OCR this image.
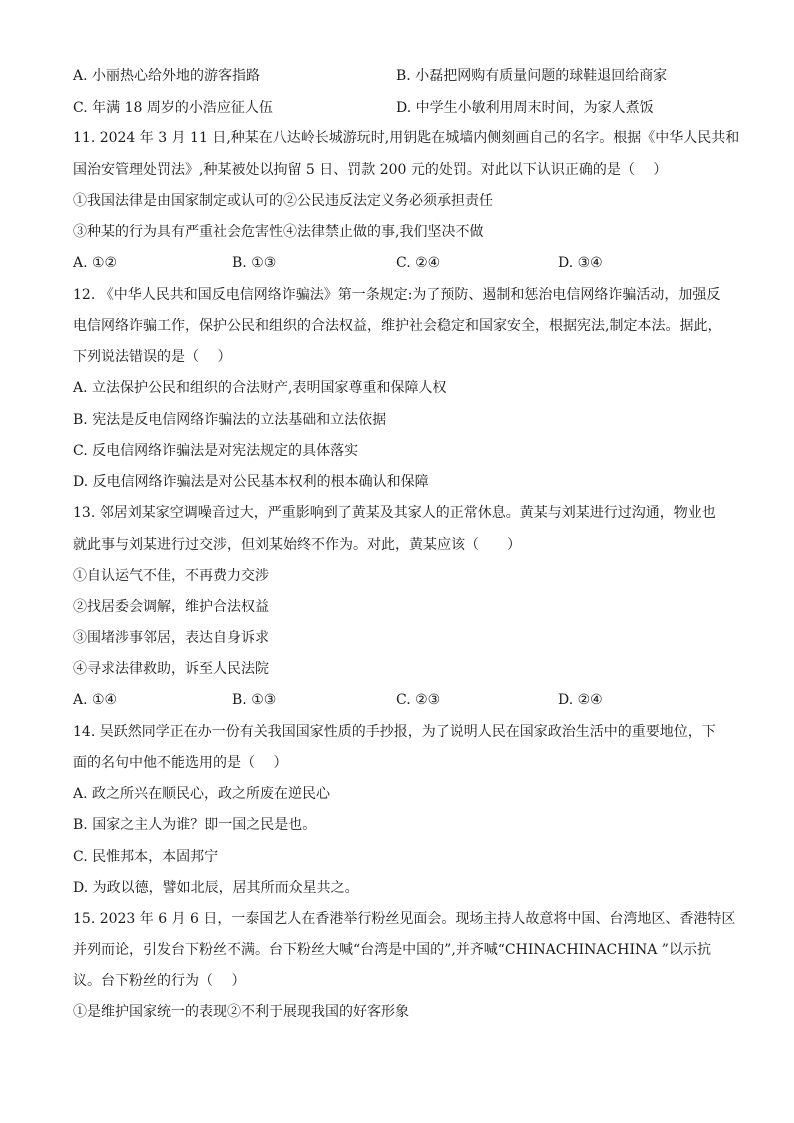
A. 小丽热心给外地的游客指路	B. 小磊把网购有质量问题的球鞋退回给商家
C. 年满 18 周岁的小浩应征人伍	D. 中学生小敏利用周末时间，为家人煮饭
11. 2024 年 3 月 11 日,种某在八达岭长城游玩时,用钥匙在城墙内侧刻画自己的名字。根据《中华人民共和
国治安管理处罚法》,种某被处以拘留 5 日、罚款 200 元的处罚。对此以下认识正确的是（　 ）
①我国法律是由国家制定或认可的②公民违反法定义务必须承担责任
③种某的行为具有严重社会危害性④法律禁止做的事,我们坚决不做
A. ①②	B. ①③	C. ②④	D. ③④
12. 《中华人民共和国反电信网络诈骗法》第一条规定:为了预防、遏制和惩治电信网络诈骗活动，加强反
电信网络诈骗工作，保护公民和组织的合法权益，维护社会稳定和国家安全，根据宪法,制定本法。据此，
下列说法错误的是（　 ）
A. 立法保护公民和组织的合法财产,表明国家尊重和保障人权
B. 宪法是反电信网络诈骗法的立法基础和立法依据
C. 反电信网络诈骗法是对宪法规定的具体落实
D. 反电信网络诈骗法是对公民基本权利的根本确认和保障
13. 邻居刘某家空调噪音过大，严重影响到了黄某及其家人的正常休息。黄某与刘某进行过沟通，物业也
就此事与刘某进行过交涉，但刘某始终不作为。对此，黄某应该（　　）
①自认运气不佳，不再费力交涉
②找居委会调解，维护合法权益
③围堵涉事邻居，表达自身诉求
④寻求法律救助，诉至人民法院
A. ①④	B. ①③	C. ②③	D. ②④
14. 吴跃然同学正在办一份有关我国国家性质的手抄报，为了说明人民在国家政治生活中的重要地位，下
面的名句中他不能选用的是（　 ）
A. 政之所兴在顺民心，政之所废在逆民心
B. 国家之主人为谁？即一国之民是也。
C. 民惟邦本，本固邦宁
D. 为政以德，譬如北辰，居其所而众星共之。
15. 2023 年 6 月 6 日，一泰国艺人在香港举行粉丝见面会。现场主持人故意将中国、台湾地区、香港特区
并列而论，引发台下粉丝不满。台下粉丝大喊“台湾是中国的”,并齐喊“CHINACHINACHINA ”以示抗
议。台下粉丝的行为（　 ）
①是维护国家统一的表现②不利于展现我国的好客形象
